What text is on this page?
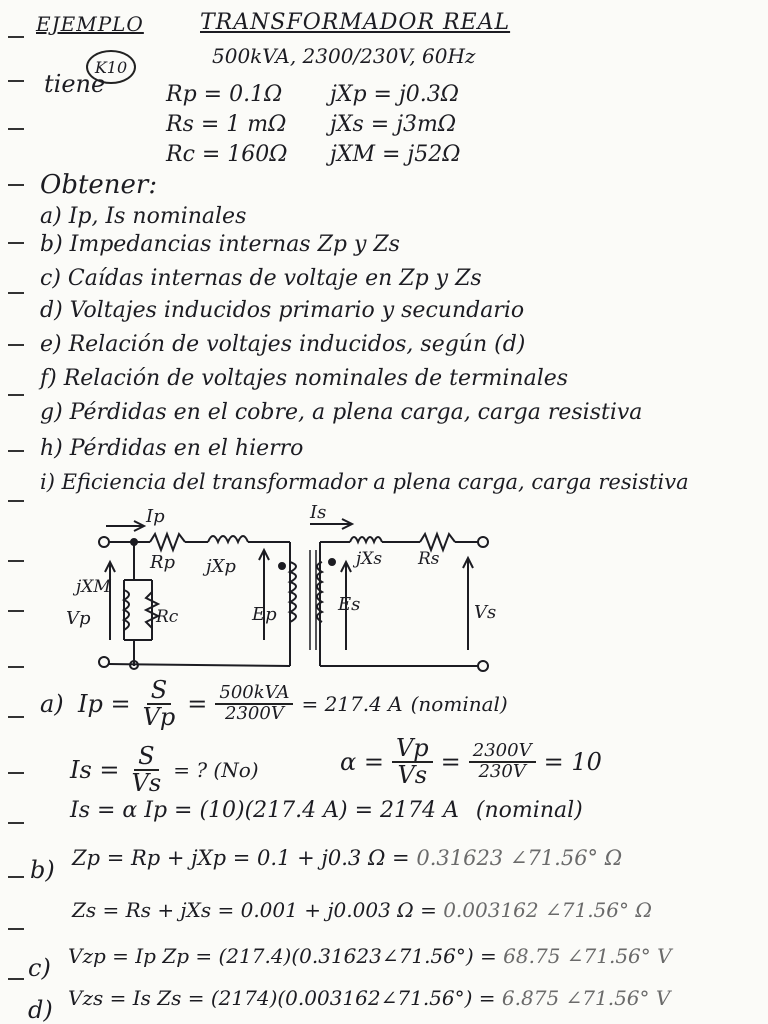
EJEMPLO	TRANSFORMADOR REAL
K10
tiene
500kVA, 2300/230V, 60Hz
Rp = 0.1Ω jXp = j0.3Ω
Rs = 1 mΩ jXs = j3mΩ
Rc = 160Ω jXM = j52Ω
Obtener:
a) Ip, Is nominales
b) Impedancias internas Zp y Zs
c) Caídas internas de voltaje en Zp y Zs
d) Voltajes inducidos primario y secundario
e) Relación de voltajes inducidos, según (d)
f) Relación de voltajes nominales de terminales
g) Pérdidas en el cobre, a plena carga, carga resistiva
h) Pérdidas en el hierro
i) Eficiencia del transformador a plena carga, carga resistiva
Ip	Is
Rp jXp	jXs Rs
jXM
Vp	Rc	Ep	Es	Vs
a) $Ip = \frac{S}{Vp} = \frac{\text{500kVA}}{2300V} = 217.4$ A (nominal)
$Is = \frac{S}{Vs}$ = ? (No)	$\alpha = \frac{Vp}{Vs} = \frac{2300V}{230V} = 10$
Is = α Ip = (10)(217.4 A) = 2174 A (nominal)
b) Zp = Rp + jXp = 0.1 + j0.3 Ω = 0.31623 ∠71.56° Ω
Zs = Rs + jXs = 0.001 + j0.003 Ω = 0.003162 ∠71.56° Ω
c) Vzp = Ip Zp = (217.4)(0.31623∠71.56°) = 68.75 ∠71.56° V
d) Vzs = Is Zs = (2174)(0.003162∠71.56°) = 6.875 ∠71.56° V
